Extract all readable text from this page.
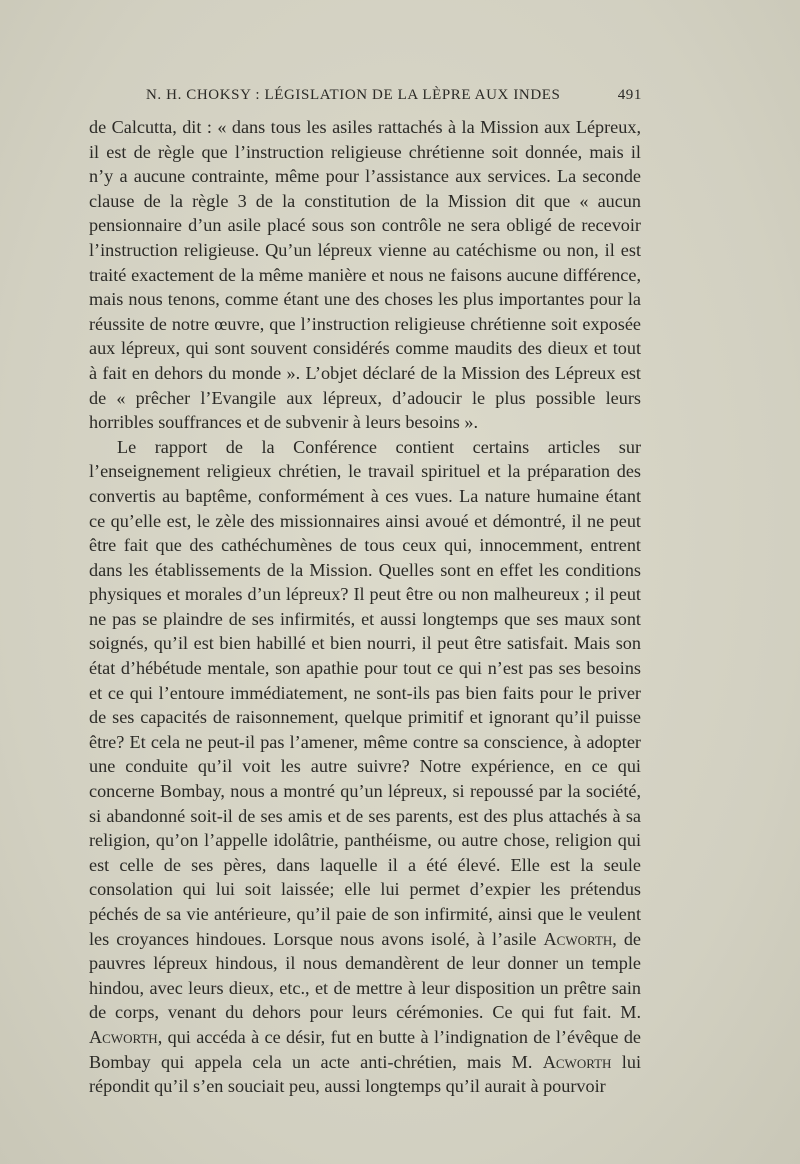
N. H. CHOKSY : LÉGISLATION DE LA LÈPRE AUX INDES	491

de Calcutta, dit : « dans tous les asiles rattachés à la Mission aux Lépreux, il est de règle que l’instruction religieuse chrétienne soit donnée, mais il n’y a aucune contrainte, même pour l’assistance aux services. La seconde clause de la règle 3 de la constitution de la Mission dit que « aucun pensionnaire d’un asile placé sous son contrôle ne sera obligé de recevoir l’instruction religieuse. Qu’un lépreux vienne au catéchisme ou non, il est traité exactement de la même manière et nous ne faisons aucune différence, mais nous tenons, comme étant une des choses les plus importantes pour la réussite de notre œuvre, que l’instruction religieuse chrétienne soit exposée aux lépreux, qui sont souvent considérés comme maudits des dieux et tout à fait en dehors du monde ». L’objet déclaré de la Mission des Lépreux est de « prêcher l’Evangile aux lépreux, d’adoucir le plus possible leurs horribles souffrances et de subvenir à leurs besoins ».

Le rapport de la Conférence contient certains articles sur l’enseignement religieux chrétien, le travail spirituel et la préparation des convertis au baptême, conformément à ces vues. La nature humaine étant ce qu’elle est, le zèle des missionnaires ainsi avoué et démontré, il ne peut être fait que des cathéchumènes de tous ceux qui, innocemment, entrent dans les établissements de la Mission. Quelles sont en effet les conditions physiques et morales d’un lépreux? Il peut être ou non malheureux ; il peut ne pas se plaindre de ses infirmités, et aussi longtemps que ses maux sont soignés, qu’il est bien habillé et bien nourri, il peut être satisfait. Mais son état d’hébétude mentale, son apathie pour tout ce qui n’est pas ses besoins et ce qui l’entoure immédiatement, ne sont-ils pas bien faits pour le priver de ses capacités de raisonnement, quelque primitif et ignorant qu’il puisse être? Et cela ne peut-il pas l’amener, même contre sa conscience, à adopter une conduite qu’il voit les autre suivre? Notre expérience, en ce qui concerne Bombay, nous a montré qu’un lépreux, si repoussé par la société, si abandonné soit-il de ses amis et de ses parents, est des plus attachés à sa religion, qu’on l’appelle idolâtrie, panthéisme, ou autre chose, religion qui est celle de ses pères, dans laquelle il a été élevé. Elle est la seule consolation qui lui soit laissée; elle lui permet d’expier les prétendus péchés de sa vie antérieure, qu’il paie de son infirmité, ainsi que le veulent les croyances hindoues. Lorsque nous avons isolé, à l’asile Acworth, de pauvres lépreux hindous, il nous demandèrent de leur donner un temple hindou, avec leurs dieux, etc., et de mettre à leur disposition un prêtre sain de corps, venant du dehors pour leurs cérémonies. Ce qui fut fait. M. Acworth, qui accéda à ce désir, fut en butte à l’indignation de l’évêque de Bombay qui appela cela un acte anti-chrétien, mais M. Acworth lui répondit qu’il s’en souciait peu, aussi longtemps qu’il aurait à pourvoir
